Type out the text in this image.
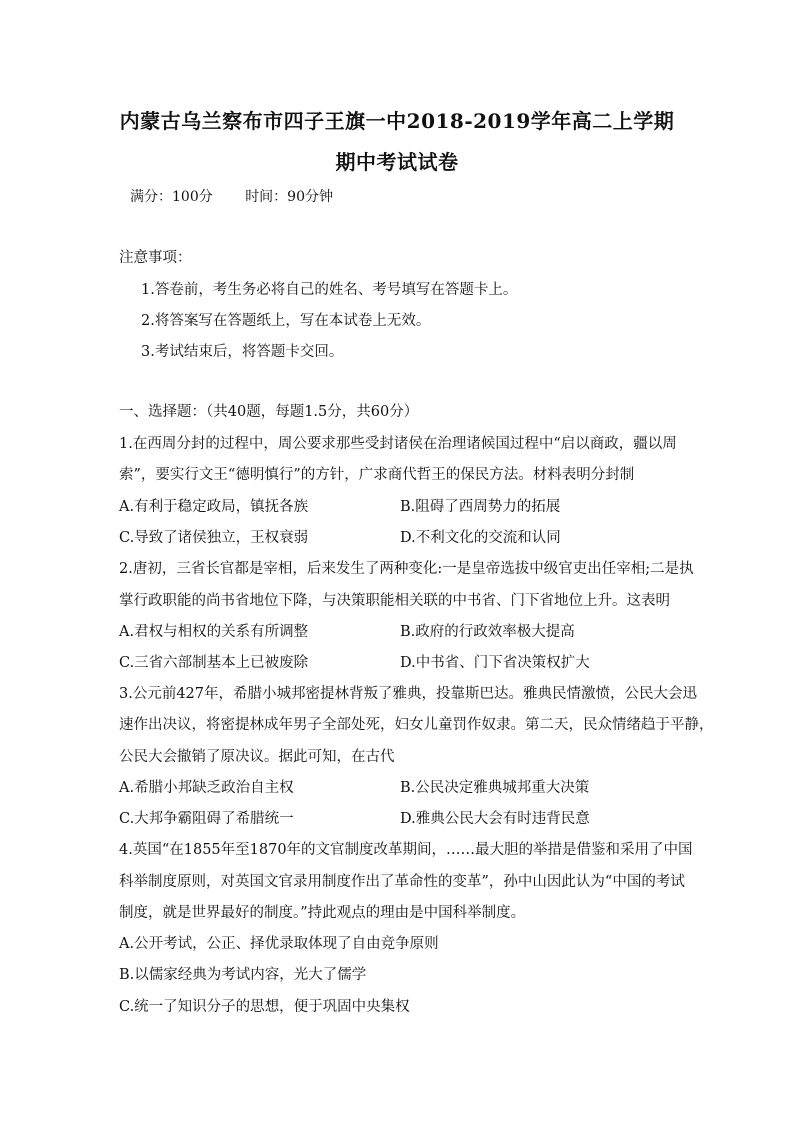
内蒙古乌兰察布市四子王旗一中2018-2019学年高二上学期
期中考试试卷
满分：100分 时间：90分钟
注意事项：
1.答卷前，考生务必将自己的姓名、考号填写在答题卡上。
2.将答案写在答题纸上，写在本试卷上无效。
3.考试结束后，将答题卡交回。
一、选择题：（共40题，每题1.5分，共60分）
1.在西周分封的过程中，周公要求那些受封诸侯在治理诸候国过程中“启以商政，疆以周
索”，要实行文王“德明慎行”的方针，广求商代哲王的保民方法。材料表明分封制
A.有利于稳定政局，镇抚各族	B.阻碍了西周势力的拓展
C.导致了诸侯独立，王权衰弱	D.不利文化的交流和认同
2.唐初，三省长官都是宰相，后来发生了两种变化:一是皇帝选拔中级官吏出任宰相;二是执
掌行政职能的尚书省地位下降，与决策职能相关联的中书省、门下省地位上升。这表明
A.君权与相权的关系有所调整	B.政府的行政效率极大提高
C.三省六部制基本上已被废除	D.中书省、门下省决策权扩大
3.公元前427年，希腊小城邦密提林背叛了雅典，投靠斯巴达。雅典民情激愤，公民大会迅
速作出决议，将密提林成年男子全部处死，妇女儿童罚作奴隶。第二天，民众情绪趋于平静，
公民大会撤销了原决议。据此可知，在古代
A.希腊小邦缺乏政治自主权	B.公民决定雅典城邦重大决策
C.大邦争霸阻碍了希腊统一	D.雅典公民大会有时违背民意
4.英国“在1855年至1870年的文官制度改革期间，……最大胆的举措是借鉴和采用了中国
科举制度原则，对英国文官录用制度作出了革命性的变革”，孙中山因此认为“中国的考试
制度，就是世界最好的制度。”持此观点的理由是中国科举制度。
A.公开考试，公正、择优录取体现了自由竞争原则
B.以儒家经典为考试内容，光大了儒学
C.统一了知识分子的思想，便于巩固中央集权
